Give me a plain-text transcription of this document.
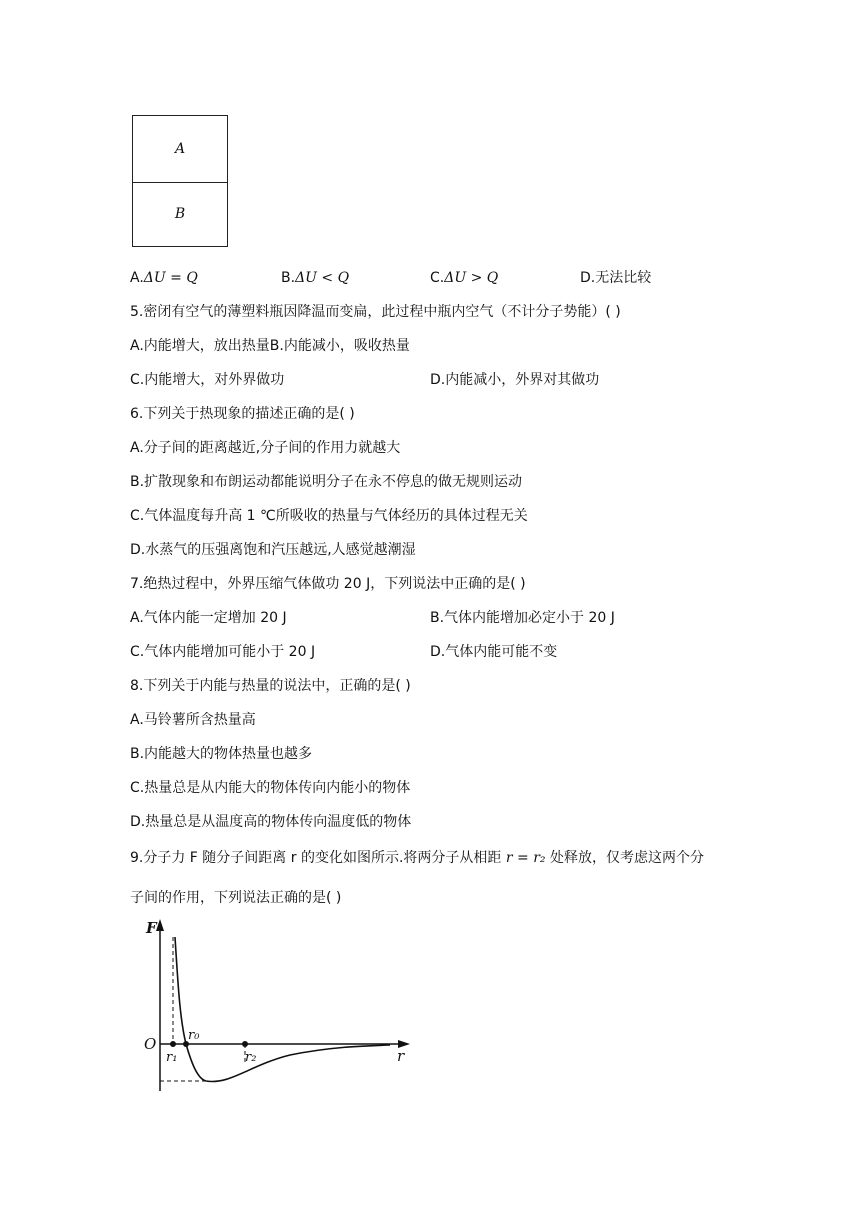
A
B
A.ΔU = Q	B.ΔU < Q	C.ΔU > Q	D.无法比较
5.密闭有空气的薄塑料瓶因降温而变扁，此过程中瓶内空气（不计分子势能）( )
A.内能增大，放出热量B.内能减小，吸收热量
C.内能增大，对外界做功	D.内能减小，外界对其做功
6.下列关于热现象的描述正确的是( )
A.分子间的距离越近,分子间的作用力就越大
B.扩散现象和布朗运动都能说明分子在永不停息的做无规则运动
C.气体温度每升高 1 ℃所吸收的热量与气体经历的具体过程无关
D.水蒸气的压强离饱和汽压越远,人感觉越潮湿
7.绝热过程中，外界压缩气体做功 20 J，下列说法中正确的是( )
A.气体内能一定增加 20 J	B.气体内能增加必定小于 20 J
C.气体内能增加可能小于 20 J	D.气体内能可能不变
8.下列关于内能与热量的说法中，正确的是( )
A.马铃薯所含热量高
B.内能越大的物体热量也越多
C.热量总是从内能大的物体传向内能小的物体
D.热量总是从温度高的物体传向温度低的物体
9.分子力 F 随分子间距离 r 的变化如图所示.将两分子从相距 r = r₂ 处释放，仅考虑这两个分
子间的作用，下列说法正确的是( )
F
r
O r₀
r₁	r₂
